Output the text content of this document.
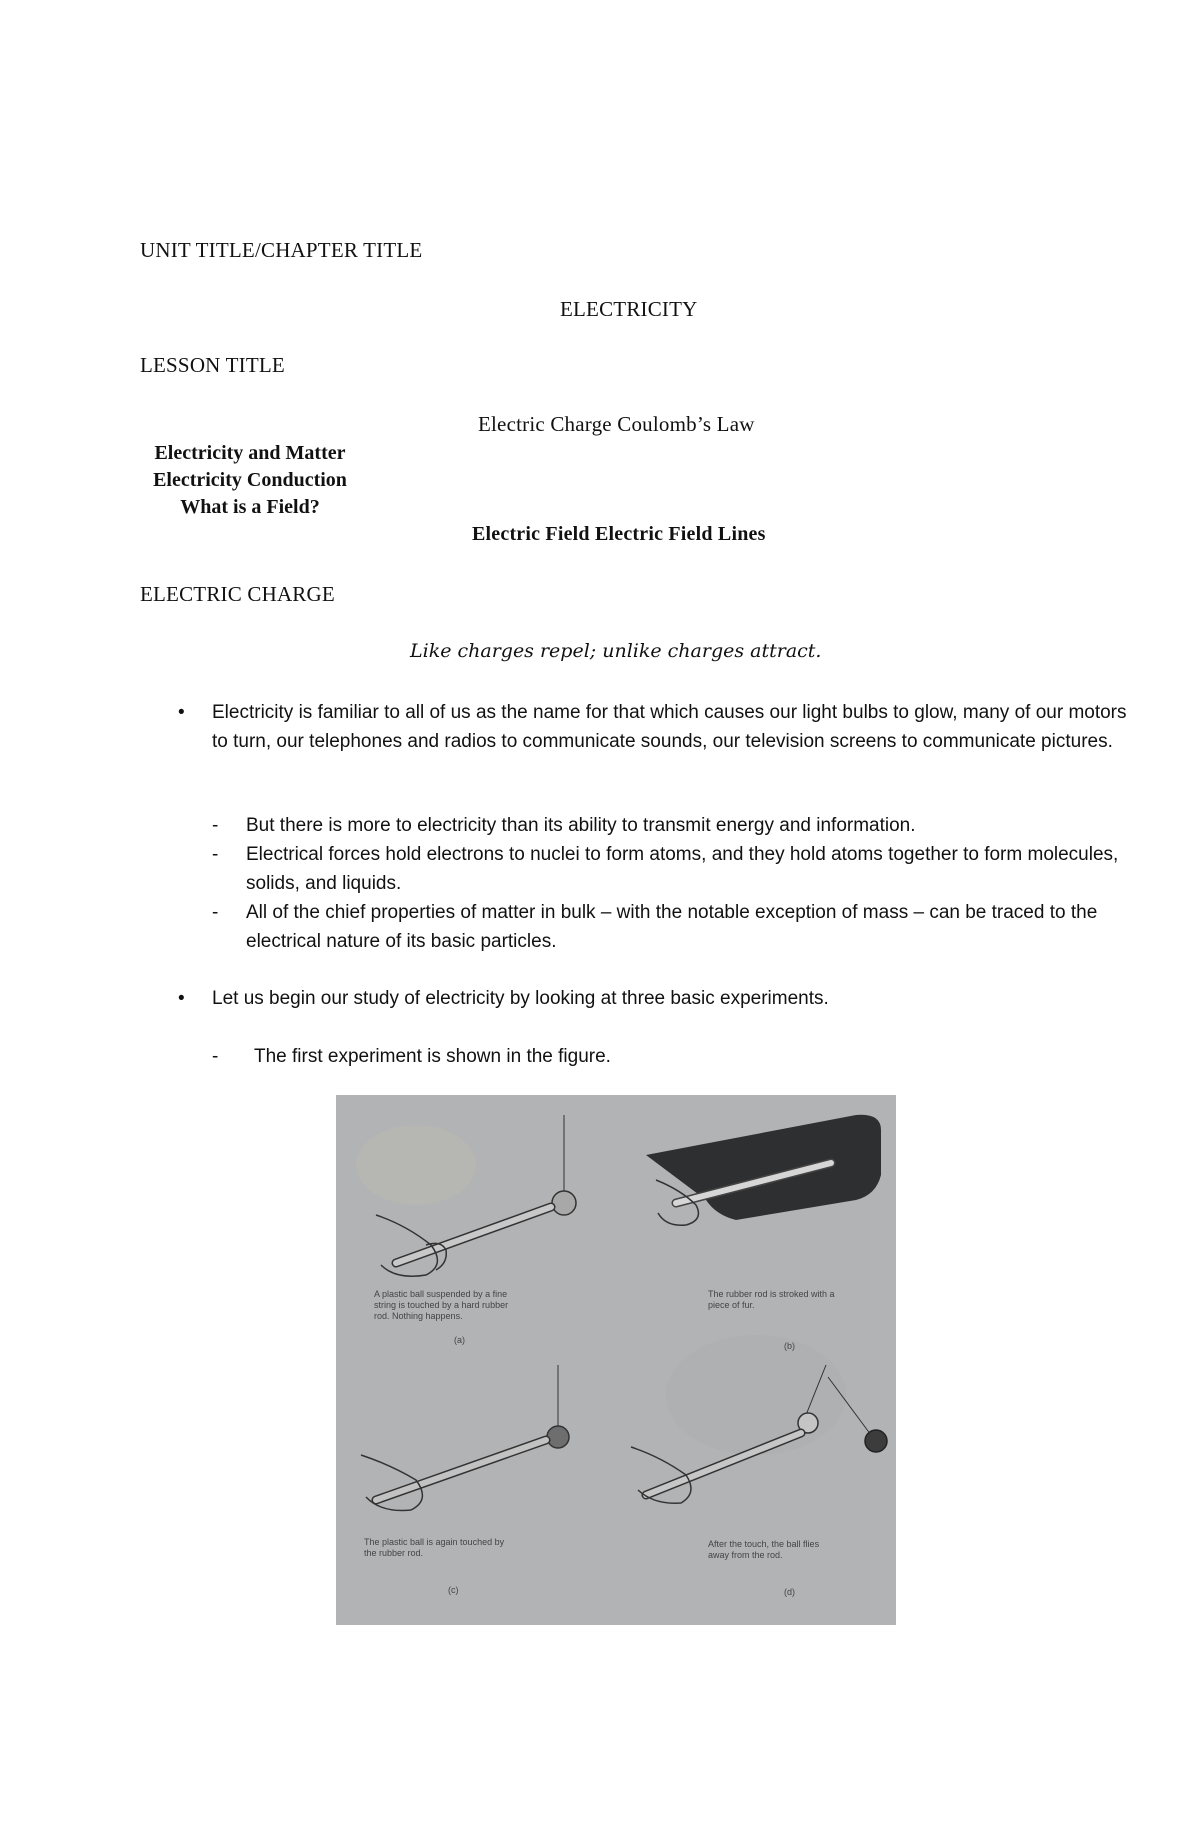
UNIT TITLE/CHAPTER TITLE
ELECTRICITY
LESSON TITLE
Electric Charge Coulomb’s Law
Electricity and Matter
Electricity Conduction
What is a Field?
Electric Field Electric Field Lines
ELECTRIC CHARGE
Like charges repel; unlike charges attract.
• Electricity is familiar to all of us as the name for that which causes our light bulbs to glow, many of our motors to turn, our telephones and radios to communicate sounds, our television screens to communicate pictures.
- But there is more to electricity than its ability to transmit energy and information.
- Electrical forces hold electrons to nuclei to form atoms, and they hold atoms together to form molecules, solids, and liquids.
- All of the chief properties of matter in bulk – with the notable exception of mass – can be traced to the electrical nature of its basic particles.
• Let us begin our study of electricity by looking at three basic experiments.
- The first experiment is shown in the figure.
A plastic ball suspended by a fine
string is touched by a hard rubber
rod. Nothing happens.
(a)
The rubber rod is stroked with a
piece of fur.
(b)
The plastic ball is again touched by
the rubber rod.
(c)
After the touch, the ball flies
away from the rod.
(d)
